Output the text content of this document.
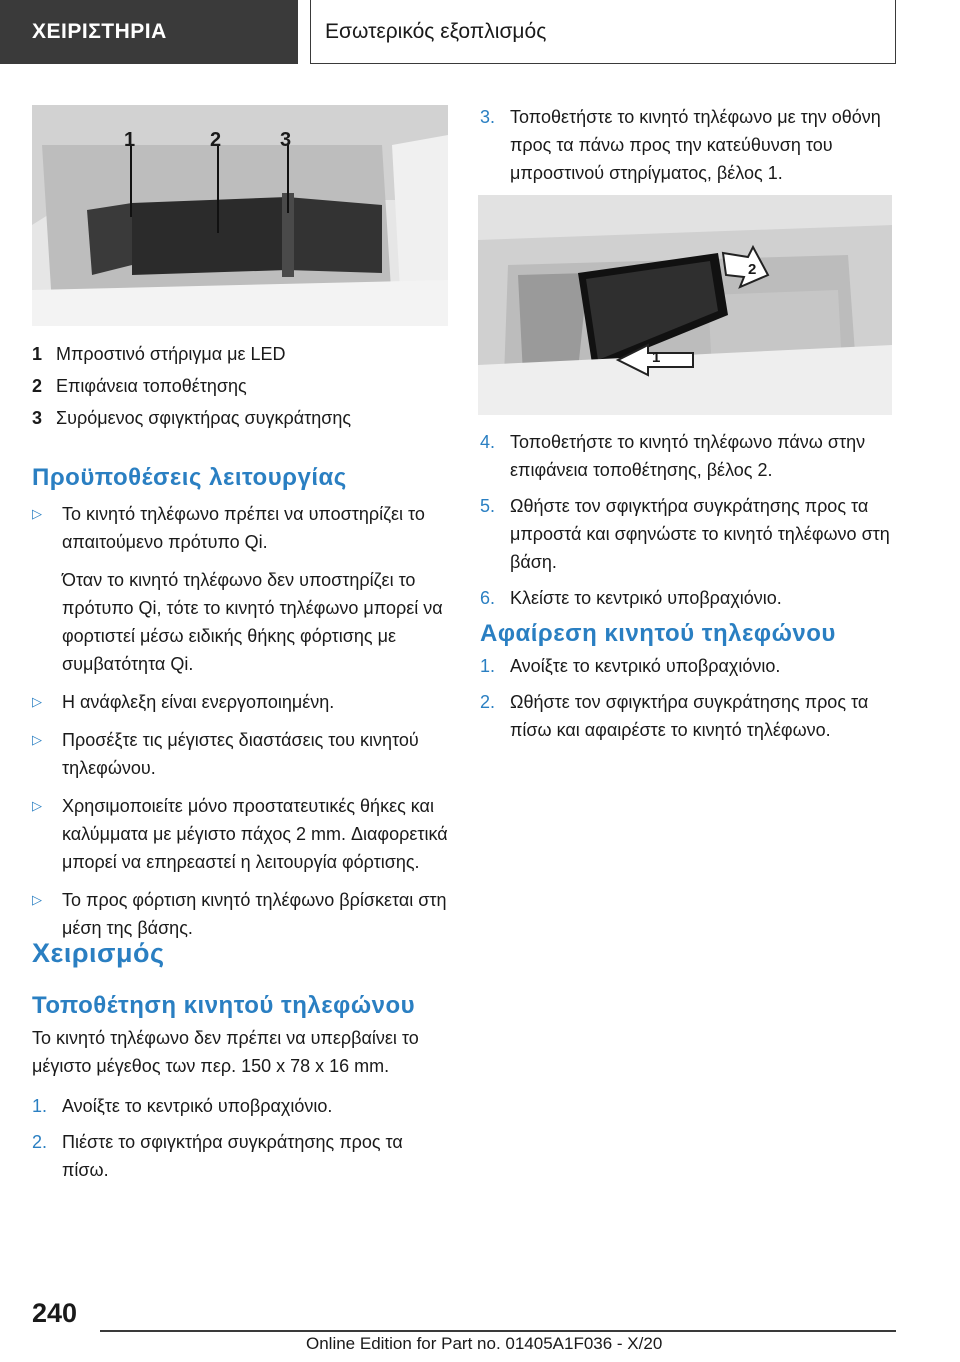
ΧΕΙΡΙΣΤΗΡΙΑ	Εσωτερικός εξοπλισμός
1	2	3
1 Μπροστινό στήριγμα με LED
2 Επιφάνεια τοποθέτησης
3 Συρόμενος σφιγκτήρας συγκράτησης
Προϋποθέσεις λειτουργίας
▷	Το κινητό τηλέφωνο πρέπει να υποστηρίζει το απαιτούμενο πρότυπο Qi.
Όταν το κινητό τηλέφωνο δεν υποστηρίζει το πρότυπο Qi, τότε το κινητό τηλέφωνο μπορεί να φορτιστεί μέσω ειδικής θήκης φόρτισης με συμβατότητα Qi.
▷	Η ανάφλεξη είναι ενεργοποιημένη.
▷	Προσέξτε τις μέγιστες διαστάσεις του κινητού τηλεφώνου.
▷	Χρησιμοποιείτε μόνο προστατευτικές θήκες και καλύμματα με μέγιστο πάχος 2 mm. Διαφορετικά μπορεί να επηρεαστεί η λειτουργία φόρτισης.
▷	Το προς φόρτιση κινητό τηλέφωνο βρίσκεται στη μέση της βάσης.
Χειρισμός
Τοποθέτηση κινητού τηλεφώνου
Το κινητό τηλέφωνο δεν πρέπει να υπερβαίνει το μέγιστο μέγεθος των περ. 150 x 78 x 16 mm.
1. Ανοίξτε το κεντρικό υποβραχιόνιο.
2. Πιέστε το σφιγκτήρα συγκράτησης προς τα πίσω.
3. Τοποθετήστε το κινητό τηλέφωνο με την οθόνη προς τα πάνω προς την κατεύθυνση του μπροστινού στηρίγματος, βέλος 1.
1
2
4. Τοποθετήστε το κινητό τηλέφωνο πάνω στην επιφάνεια τοποθέτησης, βέλος 2.
5. Ωθήστε τον σφιγκτήρα συγκράτησης προς τα μπροστά και σφηνώστε το κινητό τηλέφωνο στη βάση.
6. Κλείστε το κεντρικό υποβραχιόνιο.
Αφαίρεση κινητού τηλεφώνου
1. Ανοίξτε το κεντρικό υποβραχιόνιο.
2. Ωθήστε τον σφιγκτήρα συγκράτησης προς τα πίσω και αφαιρέστε το κινητό τηλέφωνο.
240
Online Edition for Part no. 01405A1F036 - X/20
